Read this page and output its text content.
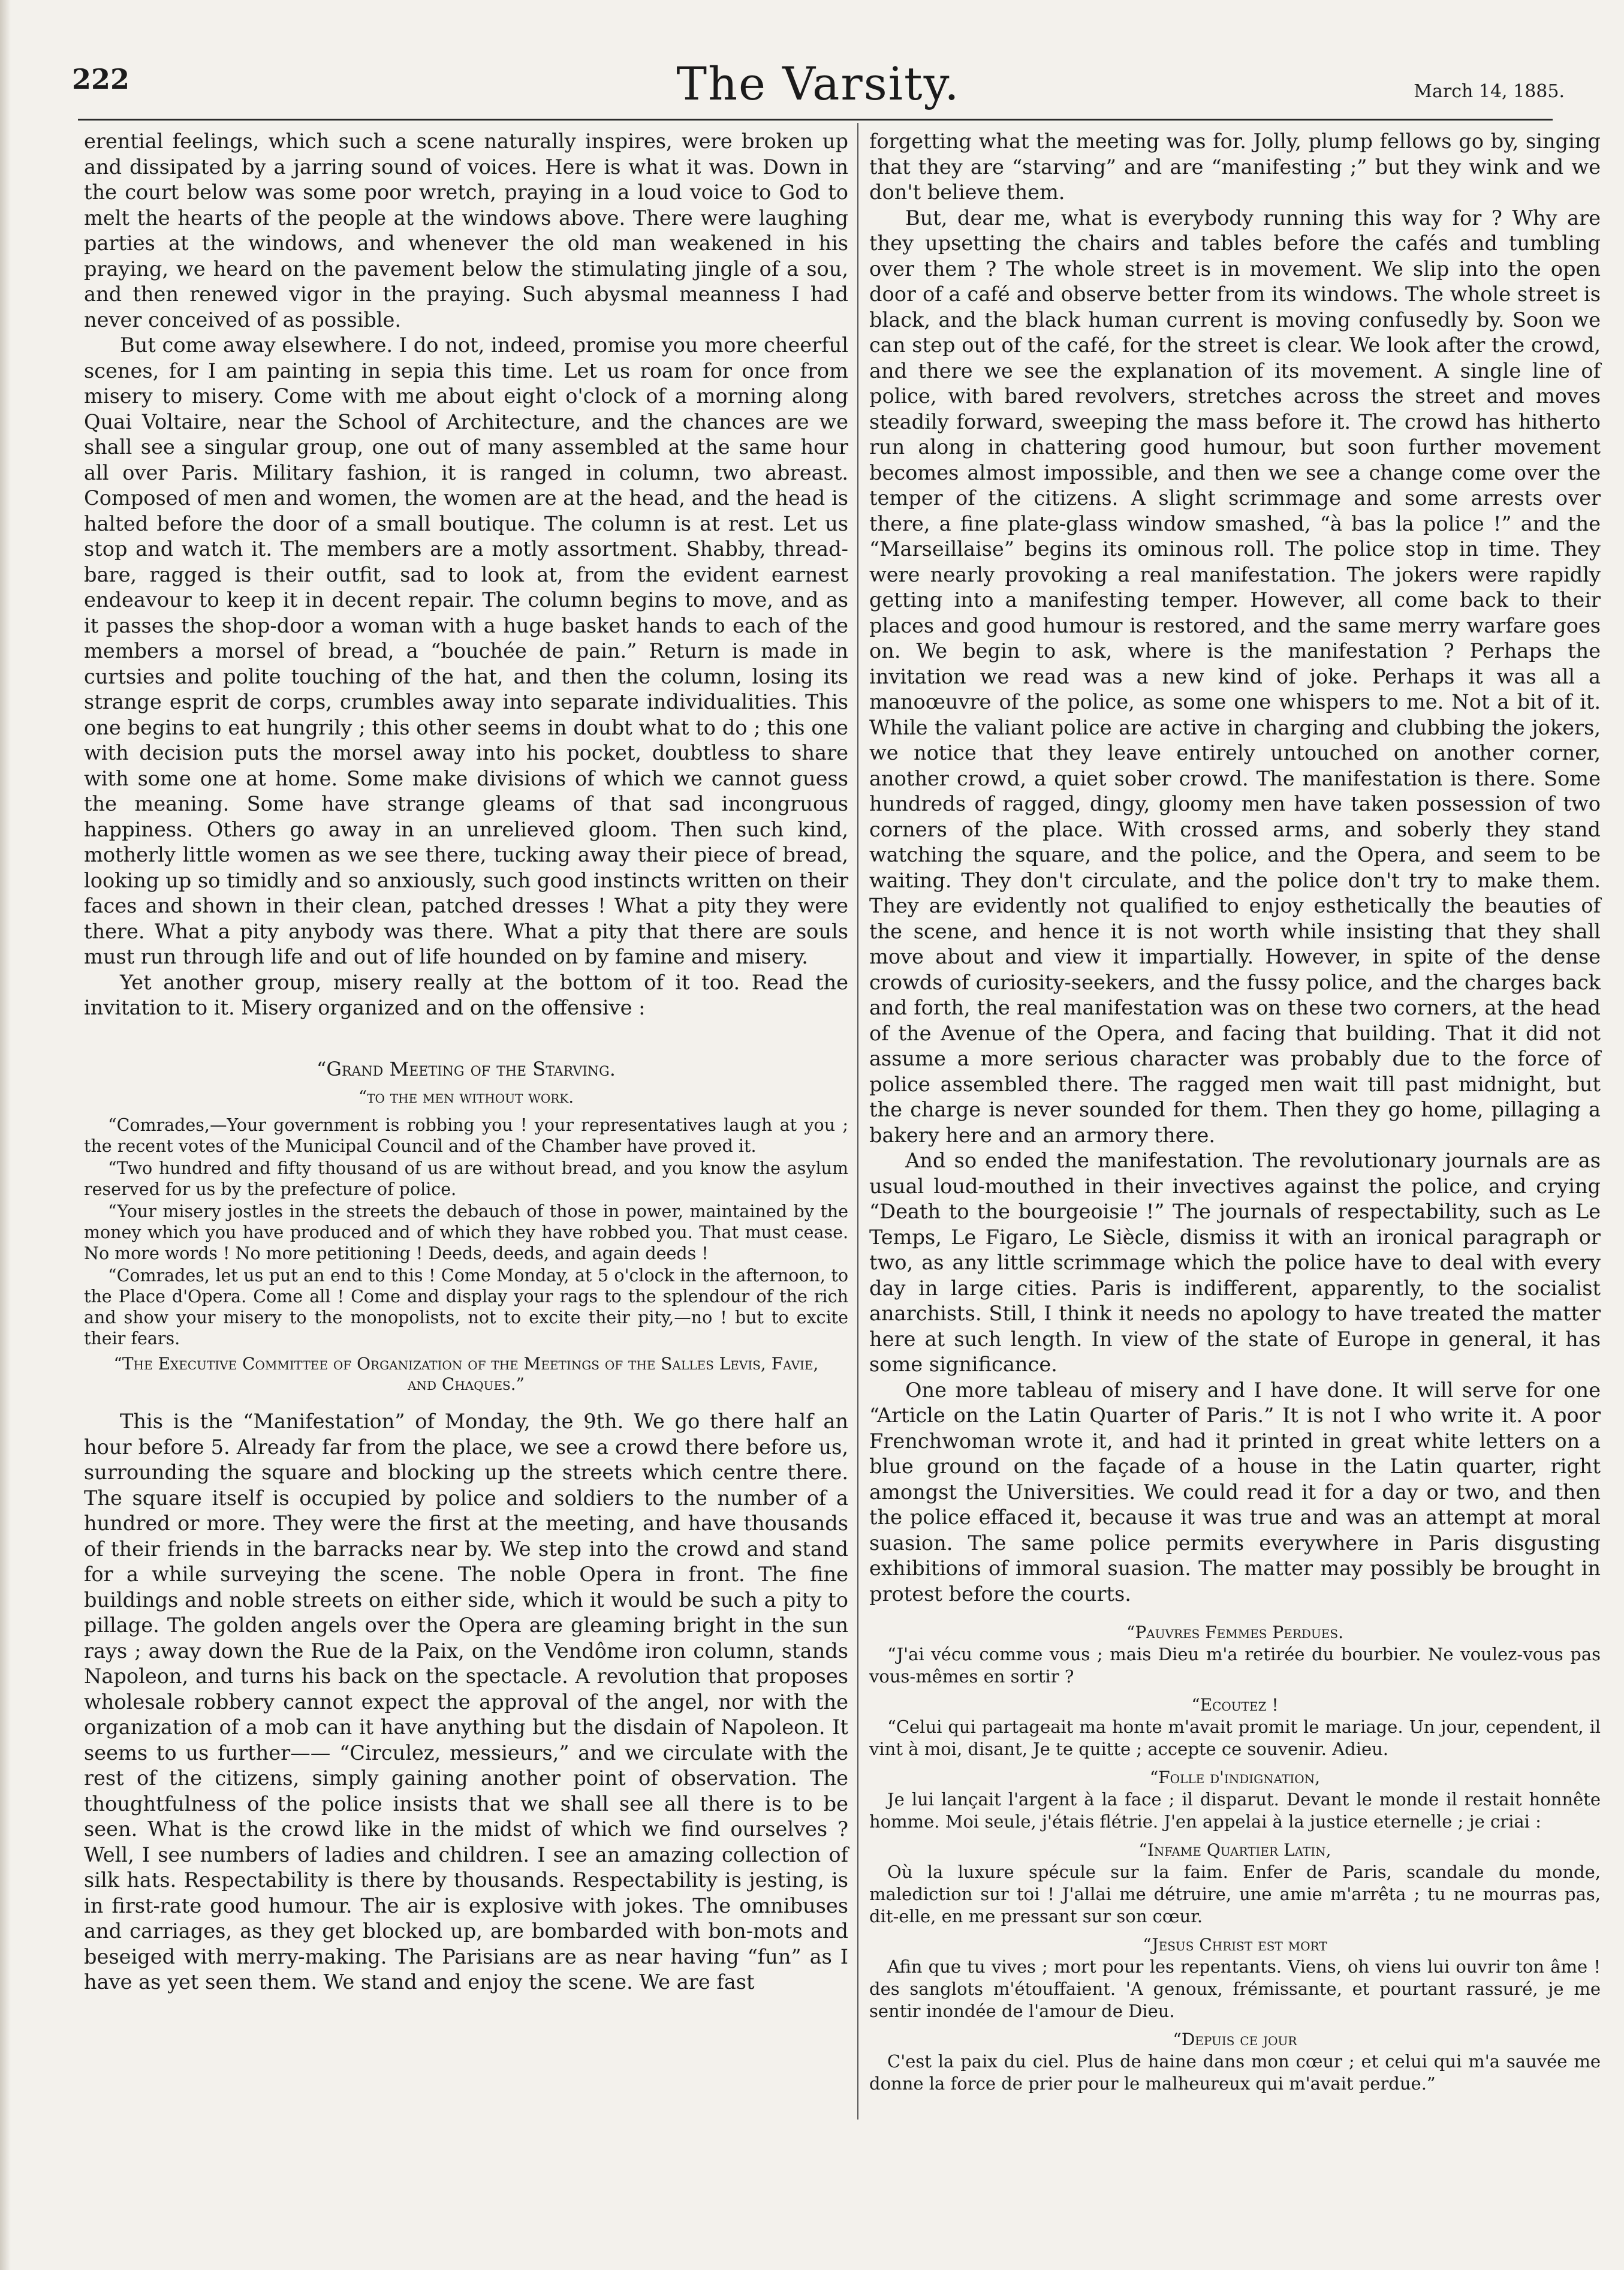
222	The Varsity.	March 14, 1885.

erential feelings, which such a scene naturally inspires, were broken up and dissipated by a jarring sound of voices. Here is what it was. Down in the court below was some poor wretch, praying in a loud voice to God to melt the hearts of the people at the windows above. There were laughing parties at the windows, and whenever the old man weakened in his praying, we heard on the pavement below the stimulating jingle of a sou, and then renewed vigor in the praying. Such abysmal meanness I had never conceived of as possible.

But come away elsewhere. I do not, indeed, promise you more cheerful scenes, for I am painting in sepia this time. Let us roam for once from misery to misery. Come with me about eight o'clock of a morning along Quai Voltaire, near the School of Architecture, and the chances are we shall see a singular group, one out of many assembled at the same hour all over Paris. Military fashion, it is ranged in column, two abreast. Composed of men and women, the women are at the head, and the head is halted before the door of a small boutique. The column is at rest. Let us stop and watch it. The members are a motly assortment. Shabby, thread-bare, ragged is their outfit, sad to look at, from the evident earnest endeavour to keep it in decent repair. The column begins to move, and as it passes the shop-door a woman with a huge basket hands to each of the members a morsel of bread, a “bouchée de pain.” Return is made in curtsies and polite touching of the hat, and then the column, losing its strange esprit de corps, crumbles away into separate individualities. This one begins to eat hungrily ; this other seems in doubt what to do ; this one with decision puts the morsel away into his pocket, doubtless to share with some one at home. Some make divisions of which we cannot guess the meaning. Some have strange gleams of that sad incongruous happiness. Others go away in an unrelieved gloom. Then such kind, motherly little women as we see there, tucking away their piece of bread, looking up so timidly and so anxiously, such good instincts written on their faces and shown in their clean, patched dresses ! What a pity they were there. What a pity anybody was there. What a pity that there are souls must run through life and out of life hounded on by famine and misery.

Yet another group, misery really at the bottom of it too. Read the invitation to it. Misery organized and on the offensive :

“Grand Meeting of the Starving.
“to the men without work.

“Comrades,—Your government is robbing you ! your representatives laugh at you ; the recent votes of the Municipal Council and of the Chamber have proved it.

“Two hundred and fifty thousand of us are without bread, and you know the asylum reserved for us by the prefecture of police.

“Your misery jostles in the streets the debauch of those in power, maintained by the money which you have produced and of which they have robbed you. That must cease. No more words ! No more petitioning ! Deeds, deeds, and again deeds !

“Comrades, let us put an end to this ! Come Monday, at 5 o'clock in the afternoon, to the Place d'Opera. Come all ! Come and display your rags to the splendour of the rich and show your misery to the monopolists, not to excite their pity,—no ! but to excite their fears.

“The Executive Committee of Organization of the Meetings of the Salles Levis, Favie, and Chaques.”

This is the “Manifestation” of Monday, the 9th. We go there half an hour before 5. Already far from the place, we see a crowd there before us, surrounding the square and blocking up the streets which centre there. The square itself is occupied by police and soldiers to the number of a hundred or more. They were the first at the meeting, and have thousands of their friends in the barracks near by. We step into the crowd and stand for a while surveying the scene. The noble Opera in front. The fine buildings and noble streets on either side, which it would be such a pity to pillage. The golden angels over the Opera are gleaming bright in the sun rays ; away down the Rue de la Paix, on the Vendôme iron column, stands Napoleon, and turns his back on the spectacle. A revolution that proposes wholesale robbery cannot expect the approval of the angel, nor with the organization of a mob can it have anything but the disdain of Napoleon. It seems to us further—— “Circulez, messieurs,” and we circulate with the rest of the citizens, simply gaining another point of observation. The thoughtfulness of the police insists that we shall see all there is to be seen. What is the crowd like in the midst of which we find ourselves ? Well, I see numbers of ladies and children. I see an amazing collection of silk hats. Respectability is there by thousands. Respectability is jesting, is in first-rate good humour. The air is explosive with jokes. The omnibuses and carriages, as they get blocked up, are bombarded with bon-mots and beseiged with merry-making. The Parisians are as near having “fun” as I have as yet seen them. We stand and enjoy the scene. We are fast

forgetting what the meeting was for. Jolly, plump fellows go by, singing that they are “starving” and are “manifesting ;” but they wink and we don't believe them.

But, dear me, what is everybody running this way for ? Why are they upsetting the chairs and tables before the cafés and tumbling over them ? The whole street is in movement. We slip into the open door of a café and observe better from its windows. The whole street is black, and the black human current is moving confusedly by. Soon we can step out of the café, for the street is clear. We look after the crowd, and there we see the explanation of its movement. A single line of police, with bared revolvers, stretches across the street and moves steadily forward, sweeping the mass before it. The crowd has hitherto run along in chattering good humour, but soon further movement becomes almost impossible, and then we see a change come over the temper of the citizens. A slight scrimmage and some arrests over there, a fine plate-glass window smashed, “à bas la police !” and the “Marseillaise” begins its ominous roll. The police stop in time. They were nearly provoking a real manifestation. The jokers were rapidly getting into a manifesting temper. However, all come back to their places and good humour is restored, and the same merry warfare goes on. We begin to ask, where is the manifestation ? Perhaps the invitation we read was a new kind of joke. Perhaps it was all a manoœuvre of the police, as some one whispers to me. Not a bit of it. While the valiant police are active in charging and clubbing the jokers, we notice that they leave entirely untouched on another corner, another crowd, a quiet sober crowd. The manifestation is there. Some hundreds of ragged, dingy, gloomy men have taken possession of two corners of the place. With crossed arms, and soberly they stand watching the square, and the police, and the Opera, and seem to be waiting. They don't circulate, and the police don't try to make them. They are evidently not qualified to enjoy esthetically the beauties of the scene, and hence it is not worth while insisting that they shall move about and view it impartially. However, in spite of the dense crowds of curiosity-seekers, and the fussy police, and the charges back and forth, the real manifestation was on these two corners, at the head of the Avenue of the Opera, and facing that building. That it did not assume a more serious character was probably due to the force of police assembled there. The ragged men wait till past midnight, but the charge is never sounded for them. Then they go home, pillaging a bakery here and an armory there.

And so ended the manifestation. The revolutionary journals are as usual loud-mouthed in their invectives against the police, and crying “Death to the bourgeoisie !” The journals of respectability, such as Le Temps, Le Figaro, Le Siècle, dismiss it with an ironical paragraph or two, as any little scrimmage which the police have to deal with every day in large cities. Paris is indifferent, apparently, to the socialist anarchists. Still, I think it needs no apology to have treated the matter here at such length. In view of the state of Europe in general, it has some significance.

One more tableau of misery and I have done. It will serve for one “Article on the Latin Quarter of Paris.” It is not I who write it. A poor Frenchwoman wrote it, and had it printed in great white letters on a blue ground on the façade of a house in the Latin quarter, right amongst the Universities. We could read it for a day or two, and then the police effaced it, because it was true and was an attempt at moral suasion. The same police permits everywhere in Paris disgusting exhibitions of immoral suasion. The matter may possibly be brought in protest before the courts.

“Pauvres Femmes Perdues.

“J'ai vécu comme vous ; mais Dieu m'a retirée du bourbier. Ne voulez-vous pas vous-mêmes en sortir ?

“Ecoutez !

“Celui qui partageait ma honte m'avait promit le mariage. Un jour, cependent, il vint à moi, disant, Je te quitte ; accepte ce souvenir. Adieu.

“Folle d'indignation,

Je lui lançait l'argent à la face ; il disparut. Devant le monde il restait honnête homme. Moi seule, j'étais flétrie. J'en appelai à la justice eternelle ; je criai :

“Infame Quartier Latin,

Où la luxure spécule sur la faim. Enfer de Paris, scandale du monde, malediction sur toi ! J'allai me détruire, une amie m'arrêta ; tu ne mourras pas, dit-elle, en me pressant sur son cœur.

“Jesus Christ est mort

Afin que tu vives ; mort pour les repentants. Viens, oh viens lui ouvrir ton âme ! des sanglots m'étouffaient. 'A genoux, frémissante, et pourtant rassuré, je me sentir inondée de l'amour de Dieu.

“Depuis ce jour

C'est la paix du ciel. Plus de haine dans mon cœur ; et celui qui m'a sauvée me donne la force de prier pour le malheureux qui m'avait perdue.”
